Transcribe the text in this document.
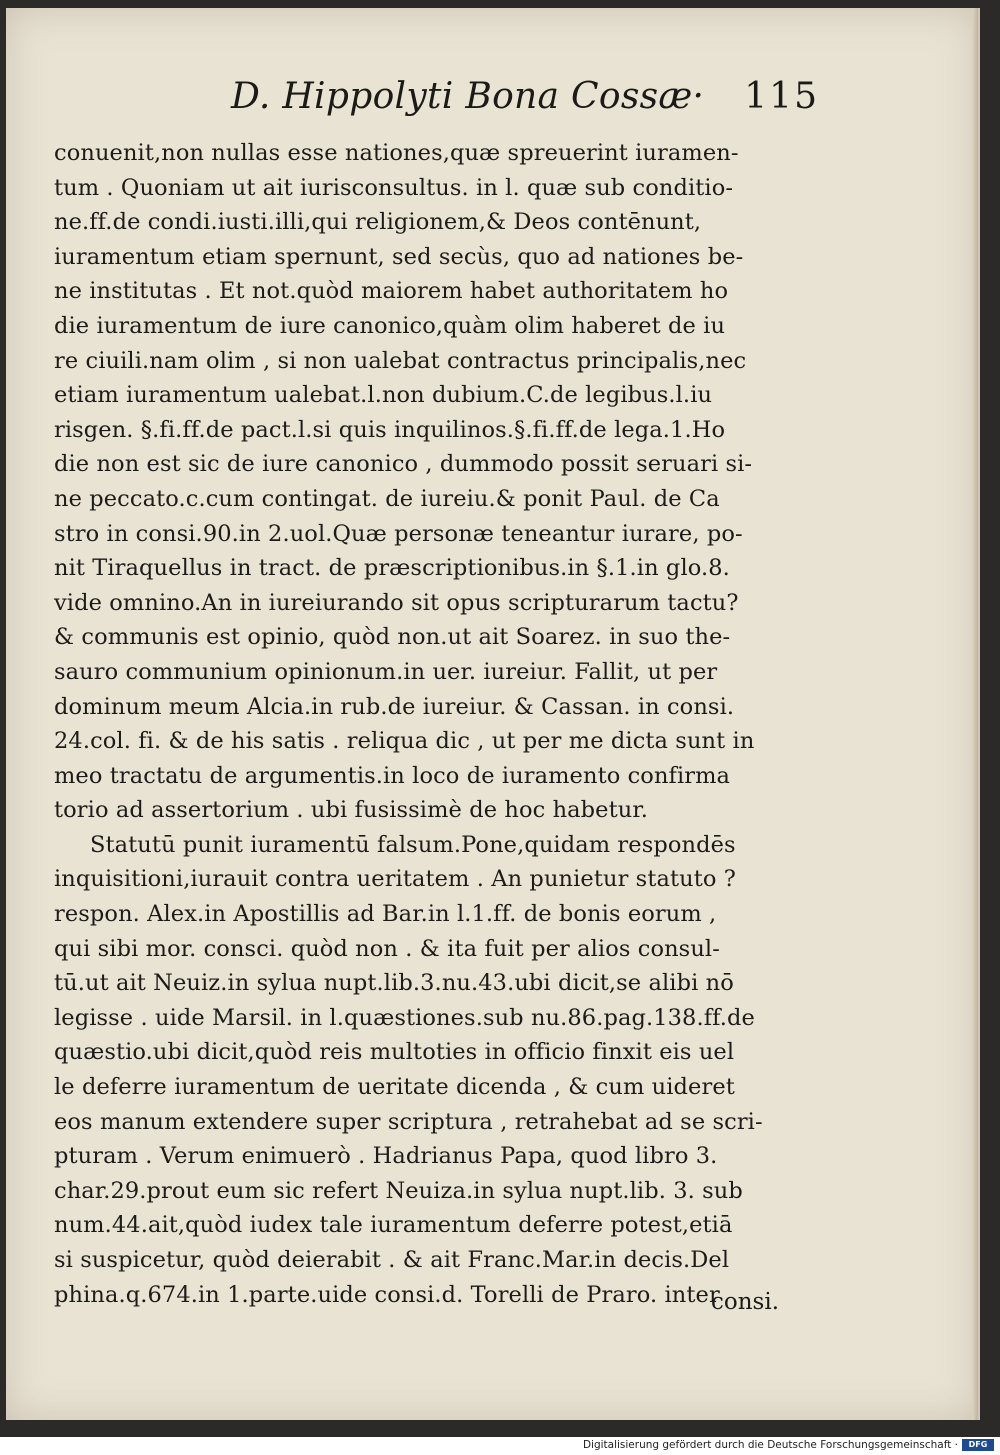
D. Hippolyti Bona Cossæ· 115
conuenit,non nullas esse nationes,quæ spreuerint iuramen-
tum . Quoniam ut ait iurisconsultus. in l. quæ sub conditio-
ne.ff.de condi.iusti.illi,qui religionem,& Deos contēnunt,
iuramentum etiam spernunt, sed secùs, quo ad nationes be-
ne institutas . Et not.quòd maiorem habet authoritatem ho
die iuramentum de iure canonico,quàm olim haberet de iu
re ciuili.nam olim , si non ualebat contractus principalis,nec
etiam iuramentum ualebat.l.non dubium.C.de legibus.l.iu
risgen. §.fi.ff.de pact.l.si quis inquilinos.§.fi.ff.de lega.1.Ho
die non est sic de iure canonico , dummodo possit seruari si-
ne peccato.c.cum contingat. de iureiu.& ponit Paul. de Ca
stro in consi.90.in 2.uol.Quæ personæ teneantur iurare, po-
nit Tiraquellus in tract. de præscriptionibus.in §.1.in glo.8.
vide omnino.An in iureiurando sit opus scripturarum tactu?
& communis est opinio, quòd non.ut ait Soarez. in suo the-
sauro communium opinionum.in uer. iureiur. Fallit, ut per
dominum meum Alcia.in rub.de iureiur. & Cassan. in consi.
24.col. fi. & de his satis . reliqua dic , ut per me dicta sunt in
meo tractatu de argumentis.in loco de iuramento confirma
torio ad assertorium . ubi fusissimè de hoc habetur.
Statutū punit iuramentū falsum.Pone,quidam respondēs
inquisitioni,iurauit contra ueritatem . An punietur statuto ?
respon. Alex.in Apostillis ad Bar.in l.1.ff. de bonis eorum ,
qui sibi mor. consci. quòd non . & ita fuit per alios consul-
tū.ut ait Neuiz.in sylua nupt.lib.3.nu.43.ubi dicit,se alibi nō
legisse . uide Marsil. in l.quæstiones.sub nu.86.pag.138.ff.de
quæstio.ubi dicit,quòd reis multoties in officio finxit eis uel
le deferre iuramentum de ueritate dicenda , & cum uideret
eos manum extendere super scriptura , retrahebat ad se scri-
pturam . Verum enimuerò . Hadrianus Papa, quod libro 3.
char.29.prout eum sic refert Neuiza.in sylua nupt.lib. 3. sub
num.44.ait,quòd iudex tale iuramentum deferre potest,etiā
si suspicetur, quòd deierabit . & ait Franc.Mar.in decis.Del
phina.q.674.in 1.parte.uide consi.d. Torelli de Praro. inter
consi.
Digitalisierung gefördert durch die Deutsche Forschungsgemeinschaft ·	DFG
